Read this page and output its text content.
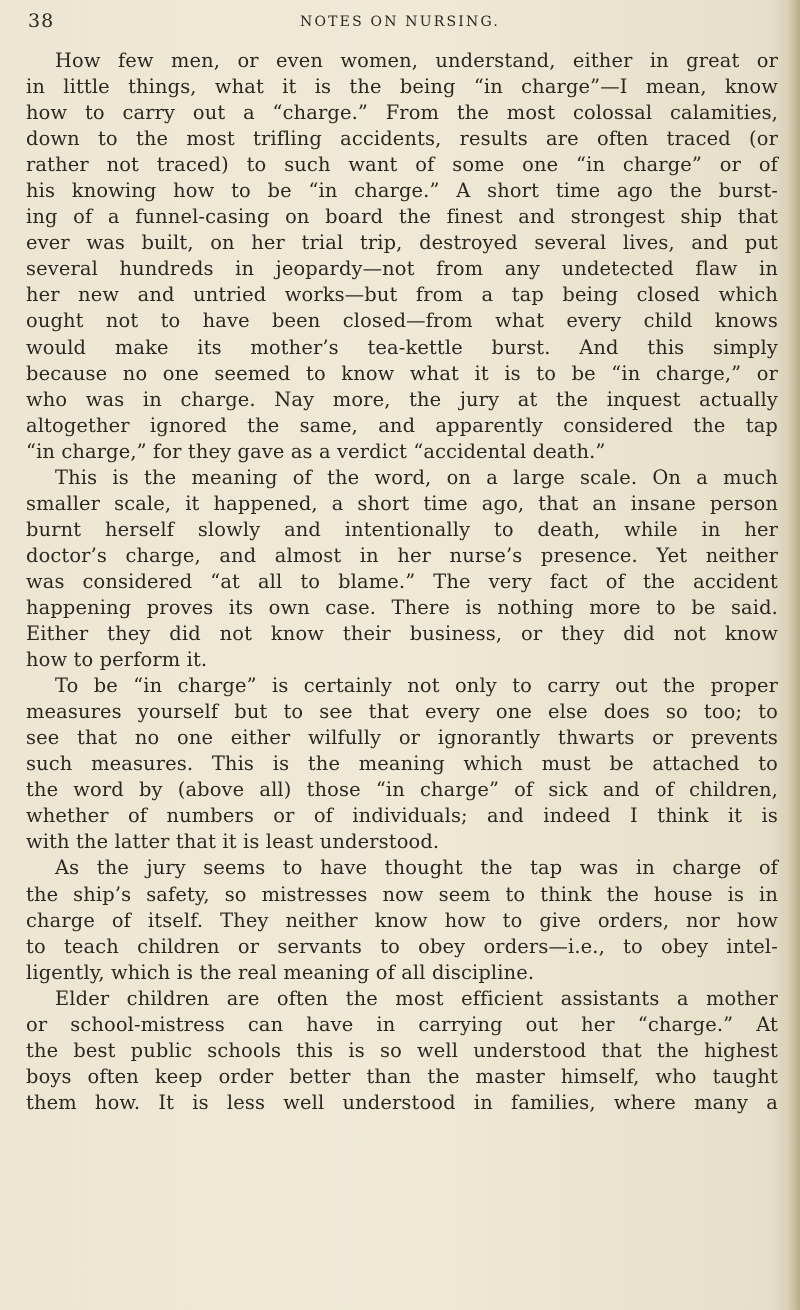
38	NOTES ON NURSING.
How few men, or even women, understand, either in great or
in little things, what it is the being “in charge”—I mean, know
how to carry out a “charge.” From the most colossal calamities,
down to the most trifling accidents, results are often traced (or
rather not traced) to such want of some one “in charge” or of
his knowing how to be “in charge.” A short time ago the burst-
ing of a funnel-casing on board the finest and strongest ship that
ever was built, on her trial trip, destroyed several lives, and put
several hundreds in jeopardy—not from any undetected flaw in
her new and untried works—but from a tap being closed which
ought not to have been closed—from what every child knows
would make its mother’s tea-kettle burst. And this simply
because no one seemed to know what it is to be “in charge,” or
who was in charge. Nay more, the jury at the inquest actually
altogether ignored the same, and apparently considered the tap
“in charge,” for they gave as a verdict “accidental death.”
This is the meaning of the word, on a large scale. On a much
smaller scale, it happened, a short time ago, that an insane person
burnt herself slowly and intentionally to death, while in her
doctor’s charge, and almost in her nurse’s presence. Yet neither
was considered “at all to blame.” The very fact of the accident
happening proves its own case. There is nothing more to be said.
Either they did not know their business, or they did not know
how to perform it.
To be “in charge” is certainly not only to carry out the proper
measures yourself but to see that every one else does so too; to
see that no one either wilfully or ignorantly thwarts or prevents
such measures. This is the meaning which must be attached to
the word by (above all) those “in charge” of sick and of children,
whether of numbers or of individuals; and indeed I think it is
with the latter that it is least understood.
As the jury seems to have thought the tap was in charge of
the ship’s safety, so mistresses now seem to think the house is in
charge of itself. They neither know how to give orders, nor how
to teach children or servants to obey orders—i.e., to obey intel-
ligently, which is the real meaning of all discipline.
Elder children are often the most efficient assistants a mother
or school-mistress can have in carrying out her “charge.” At
the best public schools this is so well understood that the highest
boys often keep order better than the master himself, who taught
them how. It is less well understood in families, where many a
